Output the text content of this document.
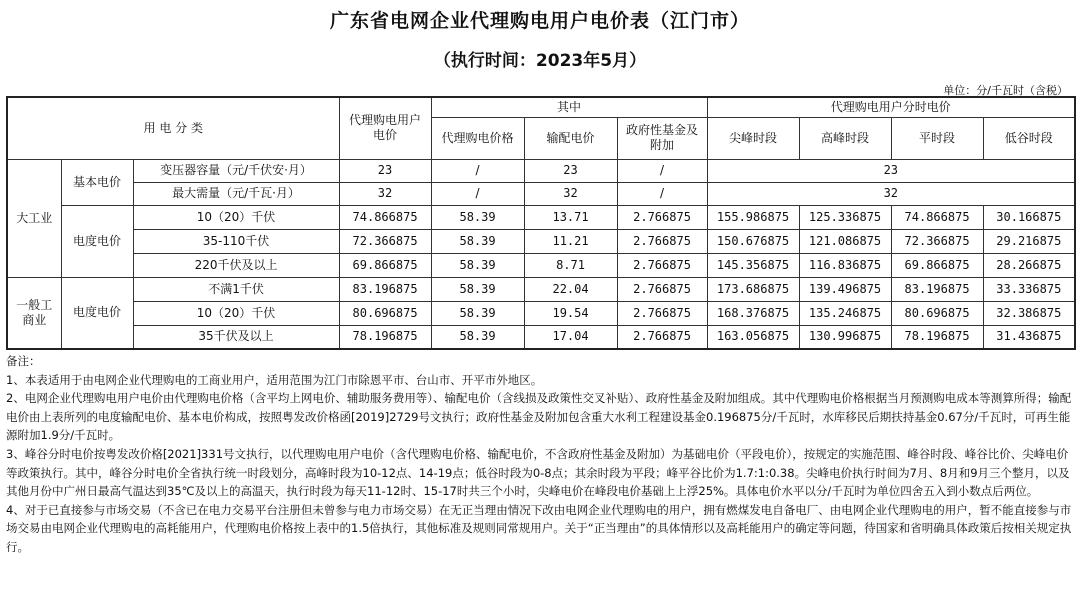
广东省电网企业代理购电用户电价表（江门市）
（执行时间：2023年5月）
单位：分/千瓦时（含税）
用 电 分 类			代理购电用户
电价	其中			代理购电用户分时电价			
				代理购电价格	输配电价	政府性基金及
附加	尖峰时段	高峰时段	平时段	低谷时段
大工业	基本电价	变压器容量（元/千伏安·月）	23	/	23	/	23			
		最大需量（元/千瓦·月）	32	/	32	/	32			
	电度电价	10（20）千伏	74.866875	58.39	13.71	2.766875	155.986875	125.336875	74.866875	30.166875
		35-110千伏	72.366875	58.39	11.21	2.766875	150.676875	121.086875	72.366875	29.216875
		220千伏及以上	69.866875	58.39	8.71	2.766875	145.356875	116.836875	69.866875	28.266875
一般工
商业	电度电价	不满1千伏	83.196875	58.39	22.04	2.766875	173.686875	139.496875	83.196875	33.336875
		10（20）千伏	80.696875	58.39	19.54	2.766875	168.376875	135.246875	80.696875	32.386875
		35千伏及以上	78.196875	58.39	17.04	2.766875	163.056875	130.996875	78.196875	31.436875

备注：

1、本表适用于由电网企业代理购电的工商业用户，适用范围为江门市除恩平市、台山市、开平市外地区。

2、电网企业代理购电用户电价由代理购电价格（含平均上网电价、辅助服务费用等）、输配电价（含线损及政策性交叉补贴）、政府性基金及附加组成。其中代理购电价格根据当月预测购电成本等测算所得；输配电价由上表所列的电度输配电价、基本电价构成，按照粤发改价格函[2019]2729号文执行；政府性基金及附加包含重大水利工程建设基金0.196875分/千瓦时，水库移民后期扶持基金0.67分/千瓦时，可再生能源附加1.9分/千瓦时。

3、峰谷分时电价按粤发改价格[2021]331号文执行，以代理购电用户电价（含代理购电价格、输配电价，不含政府性基金及附加）为基础电价（平段电价），按规定的实施范围、峰谷时段、峰谷比价、尖峰电价等政策执行。其中，峰谷分时电价全省执行统一时段划分，高峰时段为10-12点、14-19点；低谷时段为0-8点；其余时段为平段；峰平谷比价为1.7:1:0.38。尖峰电价执行时间为7月、8月和9月三个整月，以及其他月份中广州日最高气温达到35℃及以上的高温天，执行时段为每天11-12时、15-17时共三个小时，尖峰电价在峰段电价基础上上浮25%。具体电价水平以分/千瓦时为单位四舍五入到小数点后两位。

4、对于已直接参与市场交易（不含已在电力交易平台注册但未曾参与电力市场交易）在无正当理由情况下改由电网企业代理购电的用户，拥有燃煤发电自备电厂、由电网企业代理购电的用户，暂不能直接参与市场交易由电网企业代理购电的高耗能用户，代理购电价格按上表中的1.5倍执行，其他标准及规则同常规用户。关于“正当理由”的具体情形以及高耗能用户的确定等问题，待国家和省明确具体政策后按相关规定执行。
